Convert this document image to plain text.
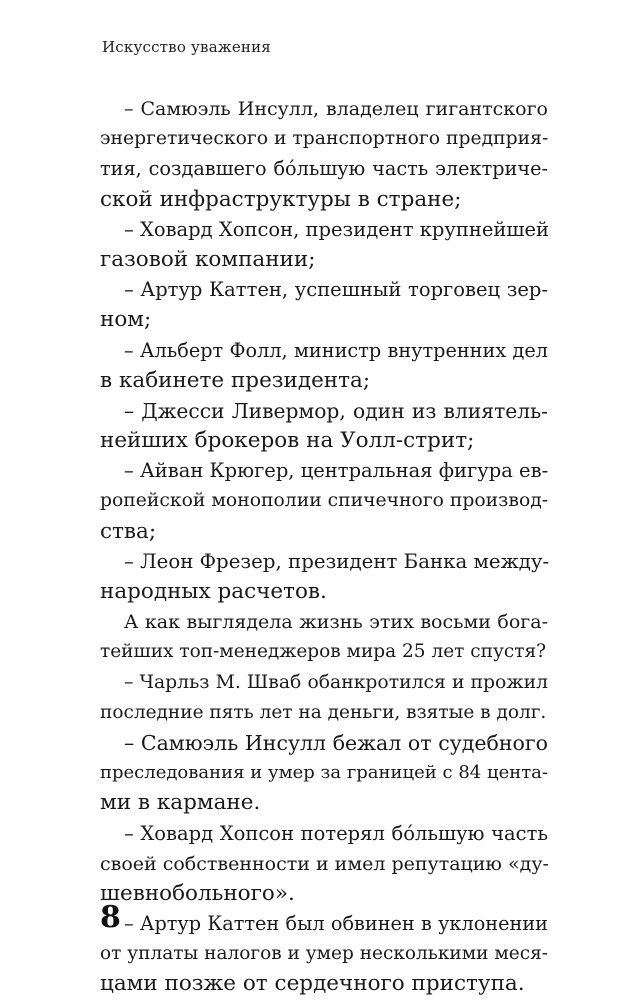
Искусство уважения
– Самюэль Инсулл, владелец гигантского
энергетического и транспортного предприя-
тия, создавшего бо́льшую часть электриче-
ской инфраструктуры в стране;
– Ховард Хопсон, президент крупнейшей
газовой компании;
– Артур Каттен, успешный торговец зер-
ном;
– Альберт Фолл, министр внутренних дел
в кабинете президента;
– Джесси Ливермор, один из влиятель-
нейших брокеров на Уолл-стрит;
– Айван Крюгер, центральная фигура ев-
ропейской монополии спичечного производ-
ства;
– Леон Фрезер, президент Банка между-
народных расчетов.
А как выглядела жизнь этих восьми бога-
тейших топ-менеджеров мира 25 лет спустя?
– Чарльз М. Шваб обанкротился и прожил
последние пять лет на деньги, взятые в долг.
– Самюэль Инсулл бежал от судебного
преследования и умер за границей с 84 цента-
ми в кармане.
– Ховард Хопсон потерял бо́льшую часть
своей собственности и имел репутацию «ду-
шевнобольного».
– Артур Каттен был обвинен в уклонении
от уплаты налогов и умер несколькими меся-
цами позже от сердечного приступа.
8
